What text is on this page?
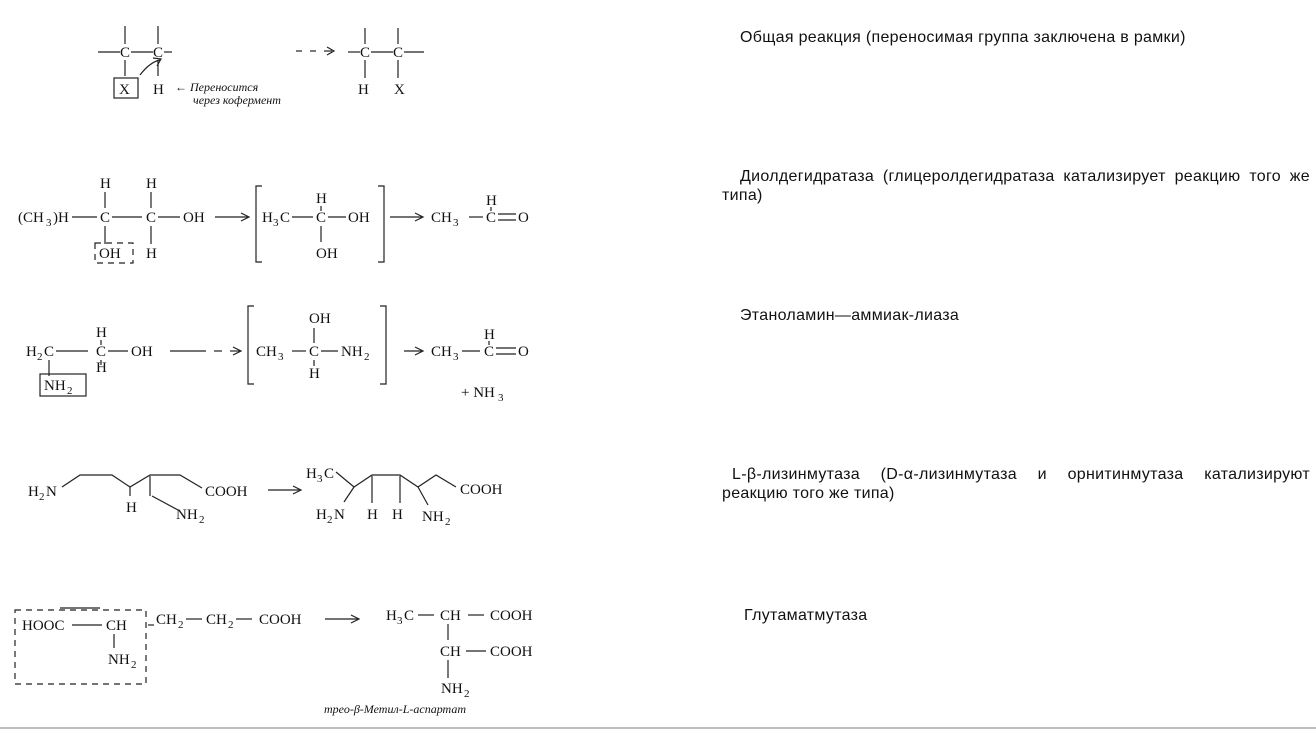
C C
X H
C C
H X
← Переносится
через кофермент
H H
(CH 3 )H C C OH
OH H
H 3 C C OH
H
OH
CH 3 C O
H
H 2 C	C OH
H
H
NH 2
CH 3 C NH 2
OH
H
CH 3 C O
H
+ NH 3
H 2 N	COOH
H	NH 2
H 3 C
COOH
H 2 N H H NH 2
HOOC	CH
NH 2
CH 2 CH 2 COOH	H 3 C CH COOH
CH COOH
NH 2
трео-β-Метил-L-аспартат
Общая реакция (переносимая группа заключена в рамки)
Диолдегидратаза (глицеролдегидратаза катализирует реакцию того же типа)
Этаноламин—аммиак-лиаза
L-β-лизинмутаза (D-α-лизинмутаза и орнитинмутаза катализируют реакцию того же типа)
Глутаматмутаза
